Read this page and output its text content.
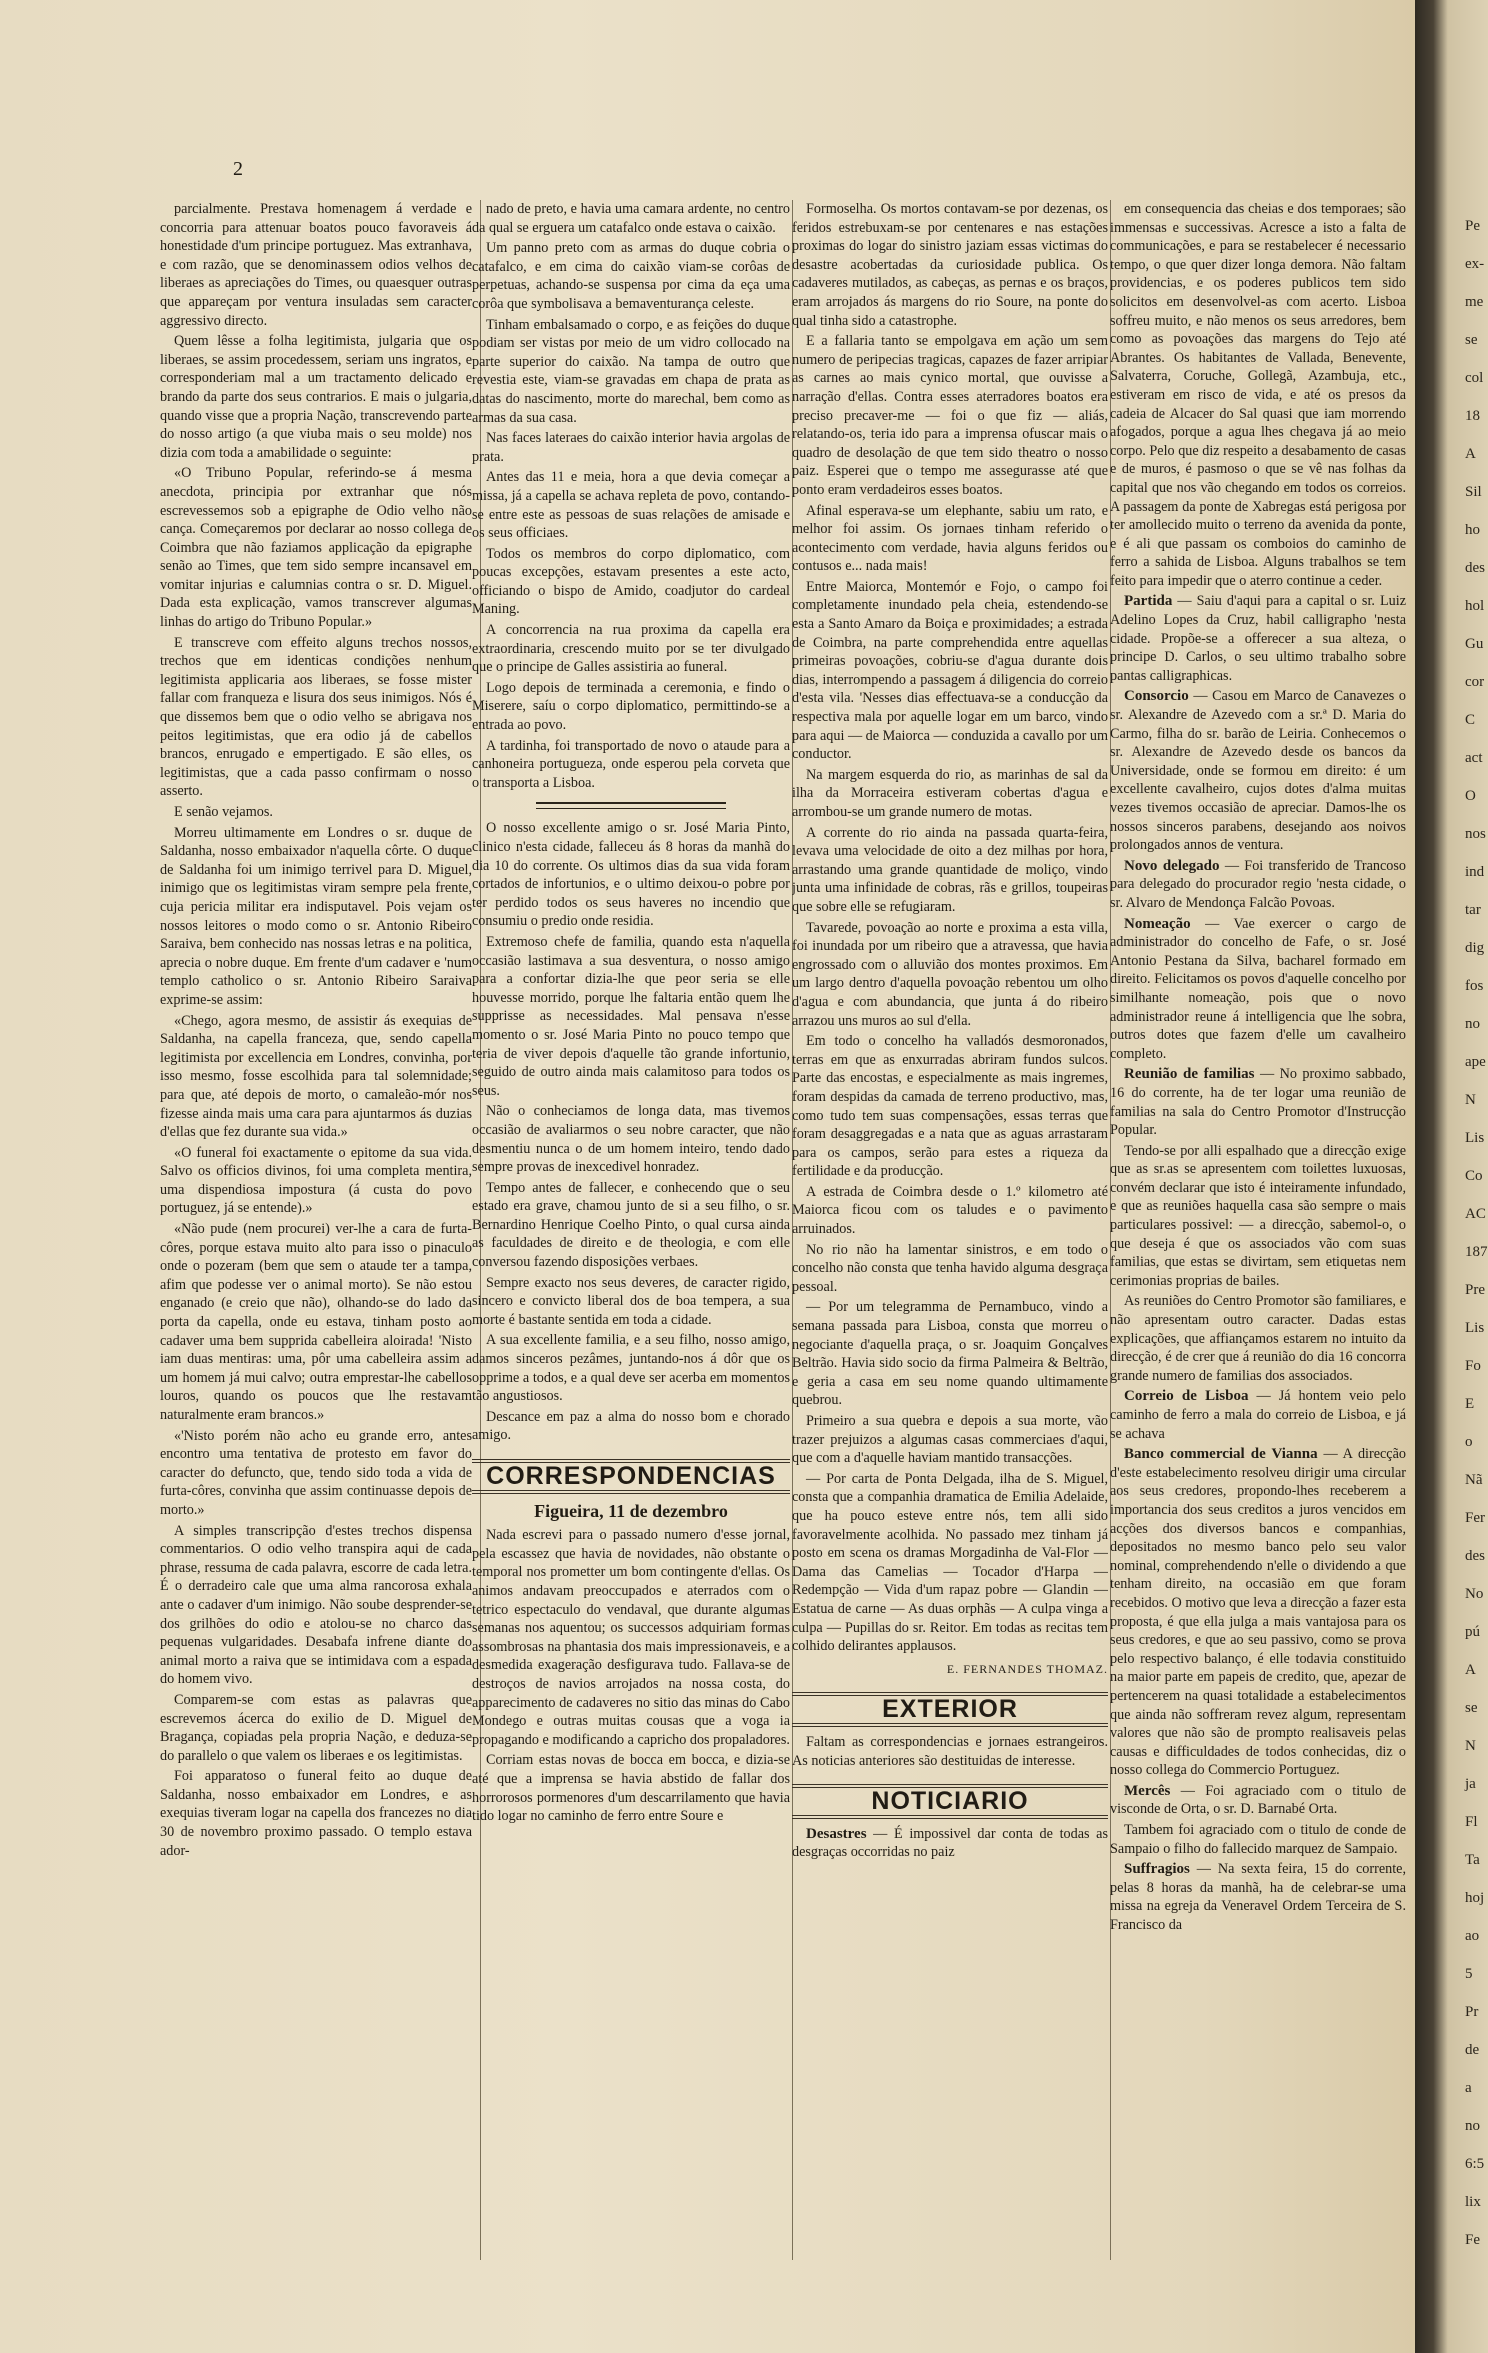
2

parcialmente. Prestava homenagem á verdade e concorria para attenuar boatos pouco favoraveis á honestidade d'um principe portuguez. Mas extranhava, e com razão, que se denominassem odios velhos de liberaes as apreciações do Times, ou quaesquer outras que appareçam por ventura insuladas sem caracter aggressivo directo.

Quem lêsse a folha legitimista, julgaria que os liberaes, se assim procedessem, seriam uns ingratos, e corresponderiam mal a um tractamento delicado e brando da parte dos seus contrarios. E mais o julgaria, quando visse que a propria Nação, transcrevendo parte do nosso artigo (a que viuba mais o seu molde) nos dizia com toda a amabilidade o seguinte:

«O Tribuno Popular, referindo-se á mesma anecdota, principia por extranhar que nós escrevessemos sob a epigraphe de Odio velho não cança. Começaremos por declarar ao nosso collega de Coimbra que não faziamos applicação da epigraphe senão ao Times, que tem sido sempre incansavel em vomitar injurias e calumnias contra o sr. D. Miguel. Dada esta explicação, vamos transcrever algumas linhas do artigo do Tribuno Popular.»

E transcreve com effeito alguns trechos nossos, trechos que em identicas condições nenhum legitimista applicaria aos liberaes, se fosse mister fallar com franqueza e lisura dos seus inimigos. Nós é que dissemos bem que o odio velho se abrigava nos peitos legitimistas, que era odio já de cabellos brancos, enrugado e empertigado. E são elles, os legitimistas, que a cada passo confirmam o nosso asserto.

E senão vejamos.

Morreu ultimamente em Londres o sr. duque de Saldanha, nosso embaixador n'aquella côrte. O duque de Saldanha foi um inimigo terrivel para D. Miguel, inimigo que os legitimistas viram sempre pela frente, cuja pericia militar era indisputavel. Pois vejam os nossos leitores o modo como o sr. Antonio Ribeiro Saraiva, bem conhecido nas nossas letras e na politica, aprecia o nobre duque. Em frente d'um cadaver e 'num templo catholico o sr. Antonio Ribeiro Saraiva exprime-se assim:

«Chego, agora mesmo, de assistir ás exequias de Saldanha, na capella franceza, que, sendo capella legitimista por excellencia em Londres, convinha, por isso mesmo, fosse escolhida para tal solemnidade; para que, até depois de morto, o camaleão-mór nos fizesse ainda mais uma cara para ajuntarmos ás duzias d'ellas que fez durante sua vida.»

«O funeral foi exactamente o epitome da sua vida. Salvo os officios divinos, foi uma completa mentira, uma dispendiosa impostura (á custa do povo portuguez, já se entende).»

«Não pude (nem procurei) ver-lhe a cara de furta-côres, porque estava muito alto para isso o pinaculo onde o pozeram (bem que sem o ataude ter a tampa, afim que podesse ver o animal morto). Se não estou enganado (e creio que não), olhando-se do lado da porta da capella, onde eu estava, tinham posto ao cadaver uma bem supprida cabelleira aloirada! 'Nisto iam duas mentiras: uma, pôr uma cabelleira assim a um homem já mui calvo; outra emprestar-lhe cabellos louros, quando os poucos que lhe restavam naturalmente eram brancos.»

«'Nisto porém não acho eu grande erro, antes encontro uma tentativa de protesto em favor do caracter do defuncto, que, tendo sido toda a vida de furta-côres, convinha que assim continuasse depois de morto.»

A simples transcripção d'estes trechos dispensa commentarios. O odio velho transpira aqui de cada phrase, ressuma de cada palavra, escorre de cada letra. É o derradeiro cale que uma alma rancorosa exhala ante o cadaver d'um inimigo. Não soube desprender-se dos grilhões do odio e atolou-se no charco das pequenas vulgaridades. Desabafa infrene diante do animal morto a raiva que se intimidava com a espada do homem vivo.

Comparem-se com estas as palavras que escrevemos ácerca do exilio de D. Miguel de Bragança, copiadas pela propria Nação, e deduza-se do parallelo o que valem os liberaes e os legitimistas.

Foi apparatoso o funeral feito ao duque de Saldanha, nosso embaixador em Londres, e as exequias tiveram logar na capella dos francezes no dia 30 de novembro proximo passado. O templo estava ador-

nado de preto, e havia uma camara ardente, no centro da qual se erguera um catafalco onde estava o caixão.

Um panno preto com as armas do duque cobria o catafalco, e em cima do caixão viam-se corôas de perpetuas, achando-se suspensa por cima da eça uma corôa que symbolisava a bemaventurança celeste.

Tinham embalsamado o corpo, e as feições do duque podiam ser vistas por meio de um vidro collocado na parte superior do caixão. Na tampa de outro que revestia este, viam-se gravadas em chapa de prata as datas do nascimento, morte do marechal, bem como as armas da sua casa.

Nas faces lateraes do caixão interior havia argolas de prata.

Antes das 11 e meia, hora a que devia começar a missa, já a capella se achava repleta de povo, contando-se entre este as pessoas de suas relações de amisade e os seus officiaes.

Todos os membros do corpo diplomatico, com poucas excepções, estavam presentes a este acto, officiando o bispo de Amido, coadjutor do cardeal Maning.

A concorrencia na rua proxima da capella era extraordinaria, crescendo muito por se ter divulgado que o principe de Galles assistiria ao funeral.

Logo depois de terminada a ceremonia, e findo o Miserere, saíu o corpo diplomatico, permittindo-se a entrada ao povo.

A tardinha, foi transportado de novo o ataude para a canhoneira portugueza, onde esperou pela corveta que o transporta a Lisboa.

O nosso excellente amigo o sr. José Maria Pinto, clinico n'esta cidade, falleceu ás 8 horas da manhã do dia 10 do corrente. Os ultimos dias da sua vida foram cortados de infortunios, e o ultimo deixou-o pobre por ter perdido todos os seus haveres no incendio que consumiu o predio onde residia.

Extremoso chefe de familia, quando esta n'aquella occasião lastimava a sua desventura, o nosso amigo para a confortar dizia-lhe que peor seria se elle houvesse morrido, porque lhe faltaria então quem lhe supprisse as necessidades. Mal pensava n'esse momento o sr. José Maria Pinto no pouco tempo que teria de viver depois d'aquelle tão grande infortunio, seguido de outro ainda mais calamitoso para todos os seus.

Não o conheciamos de longa data, mas tivemos occasião de avaliarmos o seu nobre caracter, que não desmentiu nunca o de um homem inteiro, tendo dado sempre provas de inexcedivel honradez.

Tempo antes de fallecer, e conhecendo que o seu estado era grave, chamou junto de si a seu filho, o sr. Bernardino Henrique Coelho Pinto, o qual cursa ainda as faculdades de direito e de theologia, e com elle conversou fazendo disposições verbaes.

Sempre exacto nos seus deveres, de caracter rigido, sincero e convicto liberal dos de boa tempera, a sua morte é bastante sentida em toda a cidade.

A sua excellente familia, e a seu filho, nosso amigo, damos sinceros pezâmes, juntando-nos á dôr que os opprime a todos, e a qual deve ser acerba em momentos tão angustiosos.

Descance em paz a alma do nosso bom e chorado amigo.

CORRESPONDENCIAS
Figueira, 11 de dezembro

Nada escrevi para o passado numero d'esse jornal, pela escassez que havia de novidades, não obstante o temporal nos prometter um bom contingente d'ellas. Os animos andavam preoccupados e aterrados com o tetrico espectaculo do vendaval, que durante algumas semanas nos aquentou; os successos adquiriam formas assombrosas na phantasia dos mais impressionaveis, e a desmedida exageração desfigurava tudo. Fallava-se de destroços de navios arrojados na nossa costa, do apparecimento de cadaveres no sitio das minas do Cabo Mondego e outras muitas cousas que a voga ia propagando e modificando a capricho dos propaladores.

Corriam estas novas de bocca em bocca, e dizia-se até que a imprensa se havia abstido de fallar dos horrorosos pormenores d'um descarrilamento que havia tido logar no caminho de ferro entre Soure e

Formoselha. Os mortos contavam-se por dezenas, os feridos estrebuxam-se por centenares e nas estações proximas do logar do sinistro jaziam essas victimas do desastre acobertadas da curiosidade publica. Os cadaveres mutilados, as cabeças, as pernas e os braços, eram arrojados ás margens do rio Soure, na ponte do qual tinha sido a catastrophe.

E a fallaria tanto se empolgava em ação um sem numero de peripecias tragicas, capazes de fazer arripiar as carnes ao mais cynico mortal, que ouvisse a narração d'ellas. Contra esses aterradores boatos era preciso precaver-me — foi o que fiz — aliás, relatando-os, teria ido para a imprensa ofuscar mais o quadro de desolação de que tem sido theatro o nosso paiz. Esperei que o tempo me assegurasse até que ponto eram verdadeiros esses boatos.

Afinal esperava-se um elephante, sabiu um rato, e melhor foi assim. Os jornaes tinham referido o acontecimento com verdade, havia alguns feridos ou contusos e... nada mais!

Entre Maiorca, Montemór e Fojo, o campo foi completamente inundado pela cheia, estendendo-se esta a Santo Amaro da Boiça e proximidades; a estrada de Coimbra, na parte comprehendida entre aquellas primeiras povoações, cobriu-se d'agua durante dois dias, interrompendo a passagem á diligencia do correio d'esta vila. 'Nesses dias effectuava-se a conducção da respectiva mala por aquelle logar em um barco, vindo para aqui — de Maiorca — conduzida a cavallo por um conductor.

Na margem esquerda do rio, as marinhas de sal da ilha da Morraceira estiveram cobertas d'agua e arrombou-se um grande numero de motas.

A corrente do rio ainda na passada quarta-feira, levava uma velocidade de oito a dez milhas por hora, arrastando uma grande quantidade de moliço, vindo junta uma infinidade de cobras, rãs e grillos, toupeiras que sobre elle se refugiaram.

Tavarede, povoação ao norte e proxima a esta villa, foi inundada por um ribeiro que a atravessa, que havia engrossado com o alluvião dos montes proximos. Em um largo dentro d'aquella povoação rebentou um olho d'agua e com abundancia, que junta á do ribeiro arrazou uns muros ao sul d'ella.

Em todo o concelho ha valladós desmoronados, terras em que as enxurradas abriram fundos sulcos. Parte das encostas, e especialmente as mais ingremes, foram despidas da camada de terreno productivo, mas, como tudo tem suas compensações, essas terras que foram desaggregadas e a nata que as aguas arrastaram para os campos, serão para estes a riqueza da fertilidade e da producção.

A estrada de Coimbra desde o 1.º kilometro até Maiorca ficou com os taludes e o pavimento arruinados.

No rio não ha lamentar sinistros, e em todo o concelho não consta que tenha havido alguma desgraça pessoal.

— Por um telegramma de Pernambuco, vindo a semana passada para Lisboa, consta que morreu o negociante d'aquella praça, o sr. Joaquim Gonçalves Beltrão. Havia sido socio da firma Palmeira & Beltrão, e geria a casa em seu nome quando ultimamente quebrou.

Primeiro a sua quebra e depois a sua morte, vão trazer prejuizos a algumas casas commerciaes d'aqui, que com a d'aquelle haviam mantido transacções.

— Por carta de Ponta Delgada, ilha de S. Miguel, consta que a companhia dramatica de Emilia Adelaide, que ha pouco esteve entre nós, tem alli sido favoravelmente acolhida. No passado mez tinham já posto em scena os dramas Morgadinha de Val-Flor — Dama das Camelias — Tocador d'Harpa — Redempção — Vida d'um rapaz pobre — Glandin — Estatua de carne — As duas orphãs — A culpa vinga a culpa — Pupillas do sr. Reitor. Em todas as recitas tem colhido delirantes applausos.

E. FERNANDES THOMAZ.
EXTERIOR

Faltam as correspondencias e jornaes estrangeiros. As noticias anteriores são destituidas de interesse.

NOTICIARIO

Desastres — É impossivel dar conta de todas as desgraças occorridas no paiz

em consequencia das cheias e dos temporaes; são immensas e successivas. Acresce a isto a falta de communicações, e para se restabelecer é necessario tempo, o que quer dizer longa demora. Não faltam providencias, e os poderes publicos tem sido solicitos em desenvolvel-as com acerto. Lisboa soffreu muito, e não menos os seus arredores, bem como as povoações das margens do Tejo até Abrantes. Os habitantes de Vallada, Benevente, Salvaterra, Coruche, Gollegã, Azambuja, etc., estiveram em risco de vida, e até os presos da cadeia de Alcacer do Sal quasi que iam morrendo afogados, porque a agua lhes chegava já ao meio corpo. Pelo que diz respeito a desabamento de casas e de muros, é pasmoso o que se vê nas folhas da capital que nos vão chegando em todos os correios. A passagem da ponte de Xabregas está perigosa por ter amollecido muito o terreno da avenida da ponte, e é ali que passam os comboios do caminho de ferro a sahida de Lisboa. Alguns trabalhos se tem feito para impedir que o aterro continue a ceder.

Partida — Saiu d'aqui para a capital o sr. Luiz Adelino Lopes da Cruz, habil calligrapho 'nesta cidade. Propõe-se a offerecer a sua alteza, o principe D. Carlos, o seu ultimo trabalho sobre pantas calligraphicas.

Consorcio — Casou em Marco de Canavezes o sr. Alexandre de Azevedo com a sr.ª D. Maria do Carmo, filha do sr. barão de Leiria. Conhecemos o sr. Alexandre de Azevedo desde os bancos da Universidade, onde se formou em direito: é um excellente cavalheiro, cujos dotes d'alma muitas vezes tivemos occasião de apreciar. Damos-lhe os nossos sinceros parabens, desejando aos noivos prolongados annos de ventura.

Novo delegado — Foi transferido de Trancoso para delegado do procurador regio 'nesta cidade, o sr. Alvaro de Mendonça Falcão Povoas.

Nomeação — Vae exercer o cargo de administrador do concelho de Fafe, o sr. José Antonio Pestana da Silva, bacharel formado em direito. Felicitamos os povos d'aquelle concelho por similhante nomeação, pois que o novo administrador reune á intelligencia que lhe sobra, outros dotes que fazem d'elle um cavalheiro completo.

Reunião de familias — No proximo sabbado, 16 do corrente, ha de ter logar uma reunião de familias na sala do Centro Promotor d'Instrucção Popular.

Tendo-se por alli espalhado que a direcção exige que as sr.as se apresentem com toilettes luxuosas, convém declarar que isto é inteiramente infundado, e que as reuniões haquella casa são sempre o mais particulares possivel: — a direcção, sabemol-o, o que deseja é que os associados vão com suas familias, que estas se divirtam, sem etiquetas nem cerimonias proprias de bailes.

As reuniões do Centro Promotor são familiares, e não apresentam outro caracter. Dadas estas explicações, que affiançamos estarem no intuito da direcção, é de crer que á reunião do dia 16 concorra grande numero de familias dos associados.

Correio de Lisboa — Já hontem veio pelo caminho de ferro a mala do correio de Lisboa, e já se achava

Banco commercial de Vianna — A direcção d'este estabelecimento resolveu dirigir uma circular aos seus credores, propondo-lhes receberem a importancia dos seus creditos a juros vencidos em acções dos diversos bancos e companhias, depositados no mesmo banco pelo seu valor nominal, comprehendendo n'elle o dividendo a que tenham direito, na occasião em que foram recebidos. O motivo que leva a direcção a fazer esta proposta, é que ella julga a mais vantajosa para os seus credores, e que ao seu passivo, como se prova pelo respectivo balanço, é elle todavia constituido na maior parte em papeis de credito, que, apezar de pertencerem na quasi totalidade a estabelecimentos que ainda não soffreram revez algum, representam valores que não são de prompto realisaveis pelas causas e difficuldades de todos conhecidas, diz o nosso collega do Commercio Portuguez.

Mercês — Foi agraciado com o titulo de visconde de Orta, o sr. D. Barnabé Orta.

Tambem foi agraciado com o titulo de conde de Sampaio o filho do fallecido marquez de Sampaio.

Suffragios — Na sexta feira, 15 do corrente, pelas 8 horas da manhã, ha de celebrar-se uma missa na egreja da Veneravel Ordem Terceira de S. Francisco da

Pe
ex-
me
se
col
18
A
Sil
ho
des
hol
Gu
cor
C
act
O
nos
ind
tar
dig
fos
no
ape
N
Lis
Co
AC
187
Pre
Lis
Fo
E
o
Nã
Fer
des
No
pú
A
se
N
ja
Fl
Ta
hoj
ao
5
Pr
de
a
no
6:5
lix
Fe
